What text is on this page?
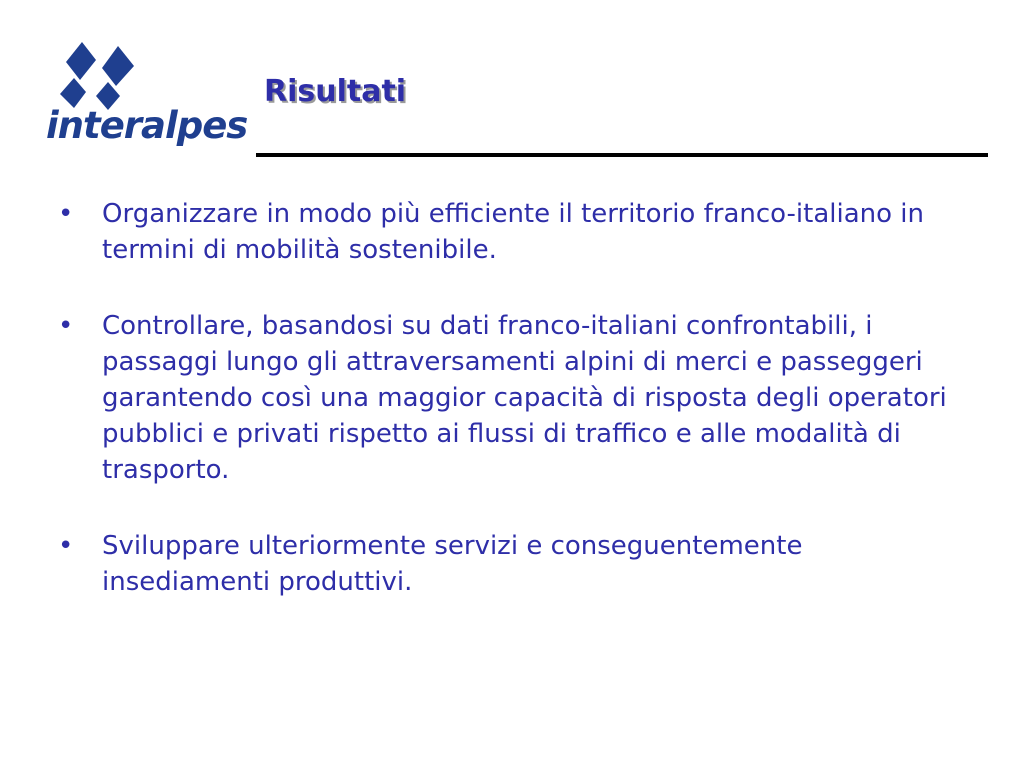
interalpes
Risultati
• Organizzare in modo più efficiente il territorio franco-italiano in termini di mobilità sostenibile.
• Controllare, basandosi su dati franco-italiani confrontabili, i passaggi lungo gli attraversamenti alpini di merci e passeggeri garantendo così una maggior capacità di risposta degli operatori pubblici e privati rispetto ai flussi di traffico e alle modalità di trasporto.
• Sviluppare ulteriormente servizi e conseguentemente insediamenti produttivi.
